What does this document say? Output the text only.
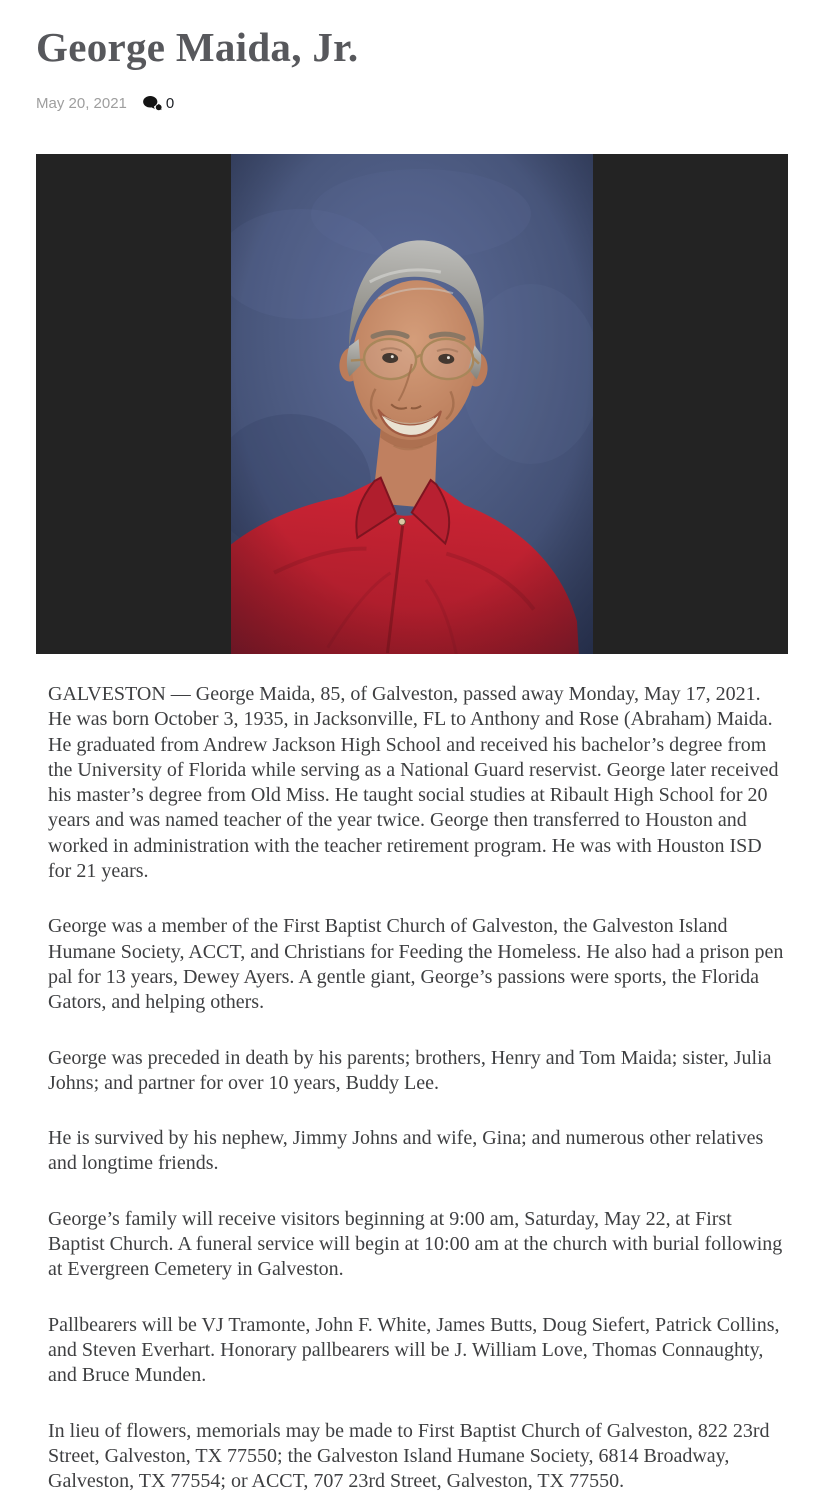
George Maida, Jr.
May 20, 2021	0

GALVESTON — George Maida, 85, of Galveston, passed away Monday, May 17, 2021. He was born October 3, 1935, in Jacksonville, FL to Anthony and Rose (Abraham) Maida. He graduated from Andrew Jackson High School and received his bachelor’s degree from the University of Florida while serving as a National Guard reservist. George later received his master’s degree from Old Miss. He taught social studies at Ribault High School for 20 years and was named teacher of the year twice. George then transferred to Houston and worked in administration with the teacher retirement program. He was with Houston ISD for 21 years.

George was a member of the First Baptist Church of Galveston, the Galveston Island Humane Society, ACCT, and Christians for Feeding the Homeless. He also had a prison pen pal for 13 years, Dewey Ayers. A gentle giant, George’s passions were sports, the Florida Gators, and helping others.

George was preceded in death by his parents; brothers, Henry and Tom Maida; sister, Julia Johns; and partner for over 10 years, Buddy Lee.

He is survived by his nephew, Jimmy Johns and wife, Gina; and numerous other relatives and longtime friends.

George’s family will receive visitors beginning at 9:00 am, Saturday, May 22, at First Baptist Church. A funeral service will begin at 10:00 am at the church with burial following at Evergreen Cemetery in Galveston.

Pallbearers will be VJ Tramonte, John F. White, James Butts, Doug Siefert, Patrick Collins, and Steven Everhart. Honorary pallbearers will be J. William Love, Thomas Connaughty, and Bruce Munden.

In lieu of flowers, memorials may be made to First Baptist Church of Galveston, 822 23rd Street, Galveston, TX 77550; the Galveston Island Humane Society, 6814 Broadway, Galveston, TX 77554; or ACCT, 707 23rd Street, Galveston, TX 77550.
